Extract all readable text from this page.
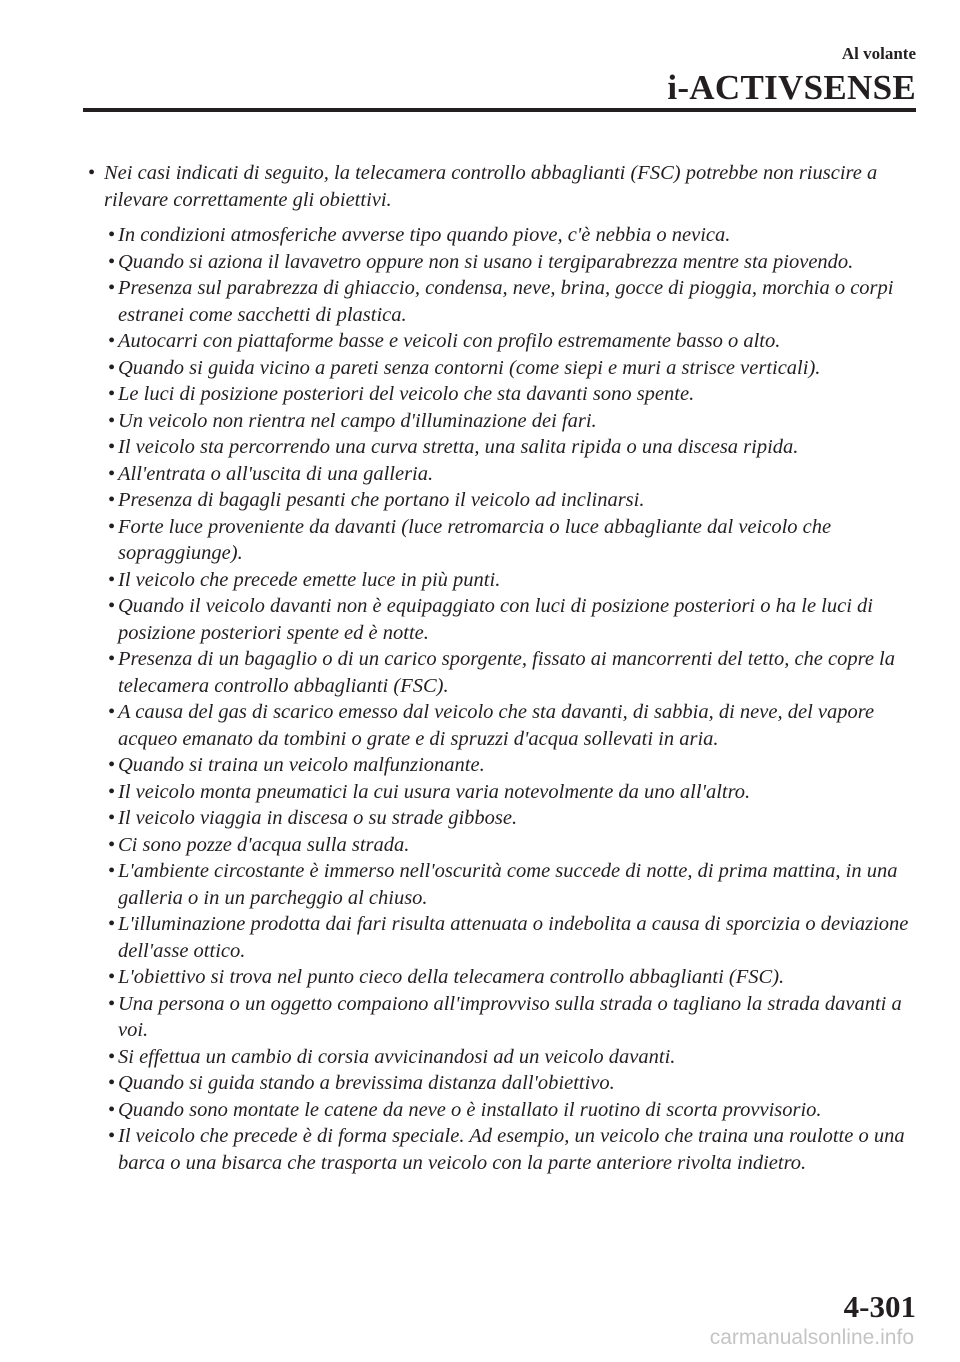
Al volante
i-ACTIVSENSE
• Nei casi indicati di seguito, la telecamera controllo abbaglianti (FSC) potrebbe non riuscire a rilevare correttamente gli obiettivi.
• In condizioni atmosferiche avverse tipo quando piove, c'è nebbia o nevica.
• Quando si aziona il lavavetro oppure non si usano i tergiparabrezza mentre sta piovendo.
• Presenza sul parabrezza di ghiaccio, condensa, neve, brina, gocce di pioggia, morchia o corpi estranei come sacchetti di plastica.
• Autocarri con piattaforme basse e veicoli con profilo estremamente basso o alto.
• Quando si guida vicino a pareti senza contorni (come siepi e muri a strisce verticali).
• Le luci di posizione posteriori del veicolo che sta davanti sono spente.
• Un veicolo non rientra nel campo d'illuminazione dei fari.
• Il veicolo sta percorrendo una curva stretta, una salita ripida o una discesa ripida.
• All'entrata o all'uscita di una galleria.
• Presenza di bagagli pesanti che portano il veicolo ad inclinarsi.
• Forte luce proveniente da davanti (luce retromarcia o luce abbagliante dal veicolo che sopraggiunge).
• Il veicolo che precede emette luce in più punti.
• Quando il veicolo davanti non è equipaggiato con luci di posizione posteriori o ha le luci di posizione posteriori spente ed è notte.
• Presenza di un bagaglio o di un carico sporgente, fissato ai mancorrenti del tetto, che copre la telecamera controllo abbaglianti (FSC).
• A causa del gas di scarico emesso dal veicolo che sta davanti, di sabbia, di neve, del vapore acqueo emanato da tombini o grate e di spruzzi d'acqua sollevati in aria.
• Quando si traina un veicolo malfunzionante.
• Il veicolo monta pneumatici la cui usura varia notevolmente da uno all'altro.
• Il veicolo viaggia in discesa o su strade gibbose.
• Ci sono pozze d'acqua sulla strada.
• L'ambiente circostante è immerso nell'oscurità come succede di notte, di prima mattina, in una galleria o in un parcheggio al chiuso.
• L'illuminazione prodotta dai fari risulta attenuata o indebolita a causa di sporcizia o deviazione dell'asse ottico.
• L'obiettivo si trova nel punto cieco della telecamera controllo abbaglianti (FSC).
• Una persona o un oggetto compaiono all'improvviso sulla strada o tagliano la strada davanti a voi.
• Si effettua un cambio di corsia avvicinandosi ad un veicolo davanti.
• Quando si guida stando a brevissima distanza dall'obiettivo.
• Quando sono montate le catene da neve o è installato il ruotino di scorta provvisorio.
• Il veicolo che precede è di forma speciale. Ad esempio, un veicolo che traina una roulotte o una barca o una bisarca che trasporta un veicolo con la parte anteriore rivolta indietro.
4-301
carmanualsonline.info
